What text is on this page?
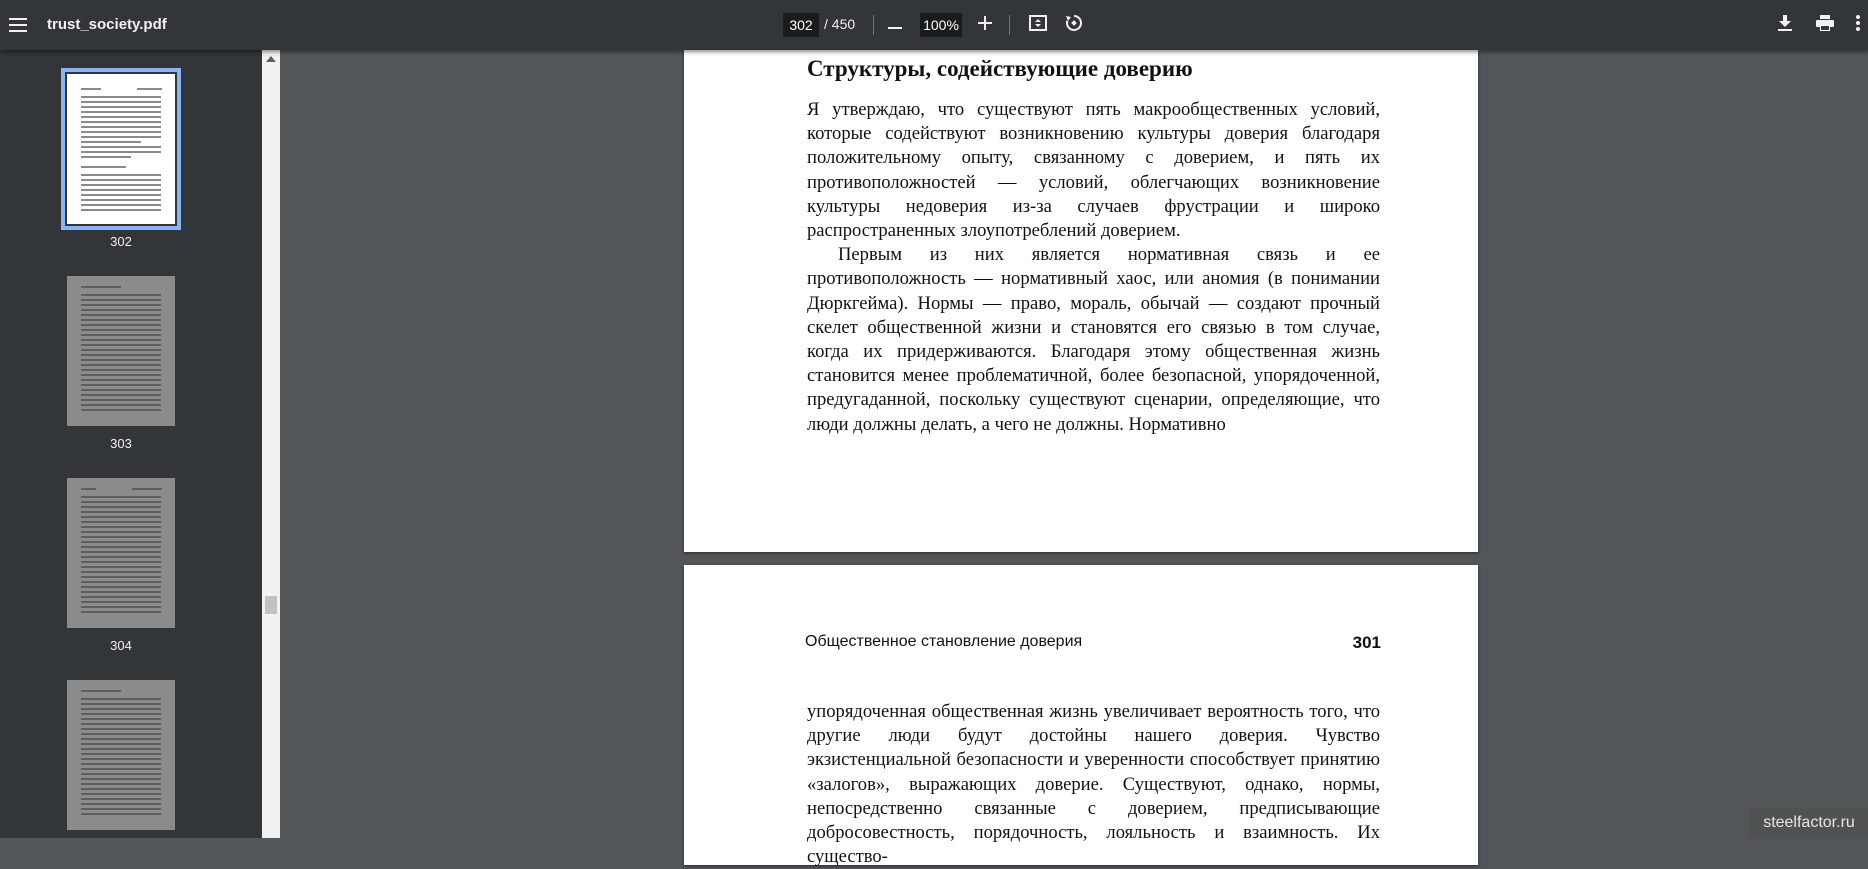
trust_society.pdf	302 / 450	100%
302
303
304
Структуры, содействующие доверию

Я утверждаю, что существуют пять макрообщественных условий, которые содействуют возникновению культуры доверия благодаря положительному опыту, связанному с доверием, и пять их противоположностей — условий, облегчающих возникновение культуры недоверия из-за случаев фрустрации и широко распространенных злоупотреблений доверием.

Первым из них является нормативная связь и ее противоположность — нормативный хаос, или аномия (в понимании Дюркгейма). Нормы — право, мораль, обычай — создают прочный скелет общественной жизни и становятся его связью в том случае, когда их придерживаются. Благодаря этому общественная жизнь становится менее проблематичной, более безопасной, упорядоченной, предугаданной, поскольку существуют сценарии, определяющие, что люди должны делать, а чего не должны. Нормативно

Общественное становление доверия	301

упорядоченная общественная жизнь увеличивает вероятность того, что другие люди будут достойны нашего доверия. Чувство экзистенциальной безопасности и уверенности способствует принятию «залогов», выражающих доверие. Существуют, однако, нормы, непосредственно связанные с доверием, предписывающие добросовестность, порядочность, лояльность и взаимность. Их существо-

steelfactor.ru
